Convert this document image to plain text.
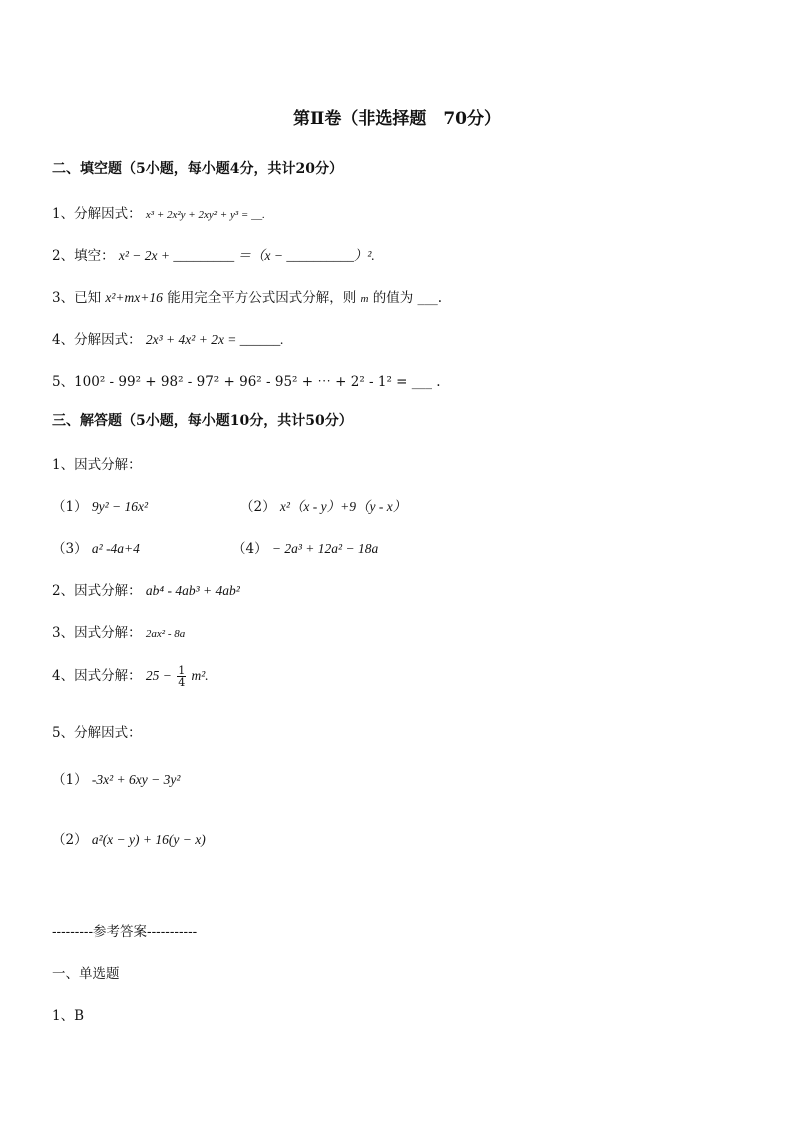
第Ⅱ卷（非选择题　70分）
二、填空题（5小题，每小题4分，共计20分）
1、分解因式： x³ + 2x²y + 2xy² + y³ = __.
2、填空： x² − 2x + _________ ＝（x − __________）².
3、已知 x²+mx+16 能用完全平方公式因式分解，则 m 的值为 ___.
4、分解因式： 2x³ + 4x² + 2x = ______.
5、100² - 99² + 98² - 97² + 96² - 95² + ⋯ + 2² - 1² = ___ .
三、解答题（5小题，每小题10分，共计50分）
1、因式分解：
（1） 9y² − 16x²	（2） x²（x - y）+9（y - x）
（3） a² -4a+4	（4） − 2a³ + 12a² − 18a
2、因式分解： ab⁴ - 4ab³ + 4ab²
3、因式分解： 2ax² - 8a
4、因式分解： $25 - \frac{1}{4} m^2$.
5、分解因式：
（1） -3x² + 6xy − 3y²
（2） a²(x − y) + 16(y − x)
---------参考答案-----------
一、单选题
1、B
